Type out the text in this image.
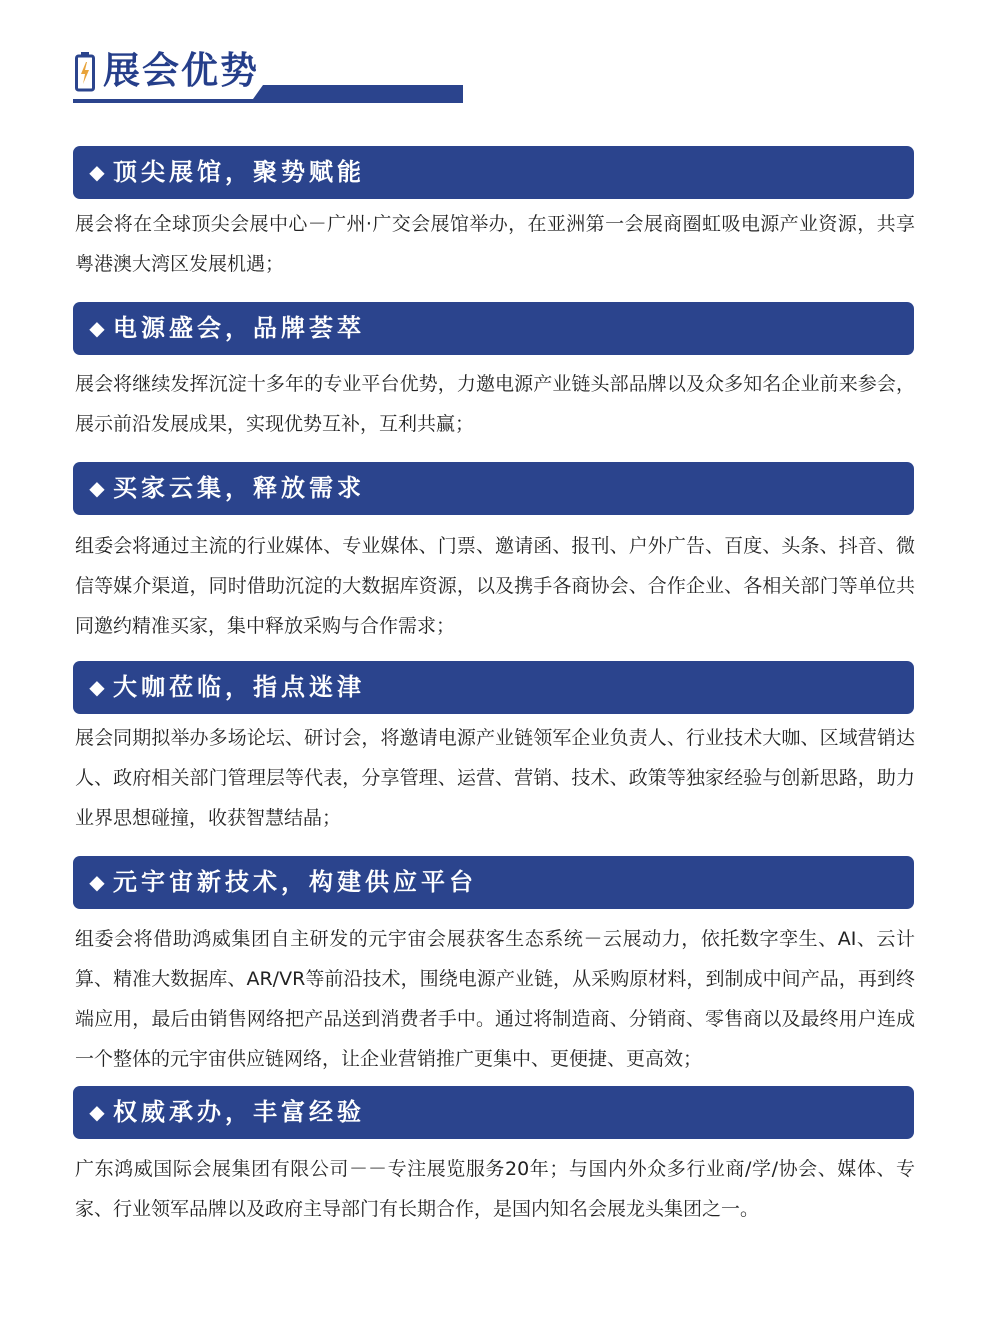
展会优势
◆ 顶尖展馆，聚势赋能
展会将在全球顶尖会展中心－广州·广交会展馆举办，在亚洲第一会展商圈虹吸电源产业资源，共享粤港澳大湾区发展机遇；
◆ 电源盛会，品牌荟萃
展会将继续发挥沉淀十多年的专业平台优势，力邀电源产业链头部品牌以及众多知名企业前来参会，展示前沿发展成果，实现优势互补，互利共赢；
◆ 买家云集，释放需求
组委会将通过主流的行业媒体、专业媒体、门票、邀请函、报刊、户外广告、百度、头条、抖音、微信等媒介渠道，同时借助沉淀的大数据库资源，以及携手各商协会、合作企业、各相关部门等单位共同邀约精准买家，集中释放采购与合作需求；
◆ 大咖莅临，指点迷津
展会同期拟举办多场论坛、研讨会，将邀请电源产业链领军企业负责人、行业技术大咖、区域营销达人、政府相关部门管理层等代表，分享管理、运营、营销、技术、政策等独家经验与创新思路，助力业界思想碰撞，收获智慧结晶；
◆ 元宇宙新技术，构建供应平台
组委会将借助鸿威集团自主研发的元宇宙会展获客生态系统－云展动力，依托数字孪生、AI、云计算、精准大数据库、AR/VR等前沿技术，围绕电源产业链，从采购原材料，到制成中间产品，再到终端应用，最后由销售网络把产品送到消费者手中。通过将制造商、分销商、零售商以及最终用户连成一个整体的元宇宙供应链网络，让企业营销推广更集中、更便捷、更高效；
◆ 权威承办，丰富经验
广东鸿威国际会展集团有限公司－－专注展览服务20年；与国内外众多行业商/学/协会、媒体、专家、行业领军品牌以及政府主导部门有长期合作，是国内知名会展龙头集团之一。
